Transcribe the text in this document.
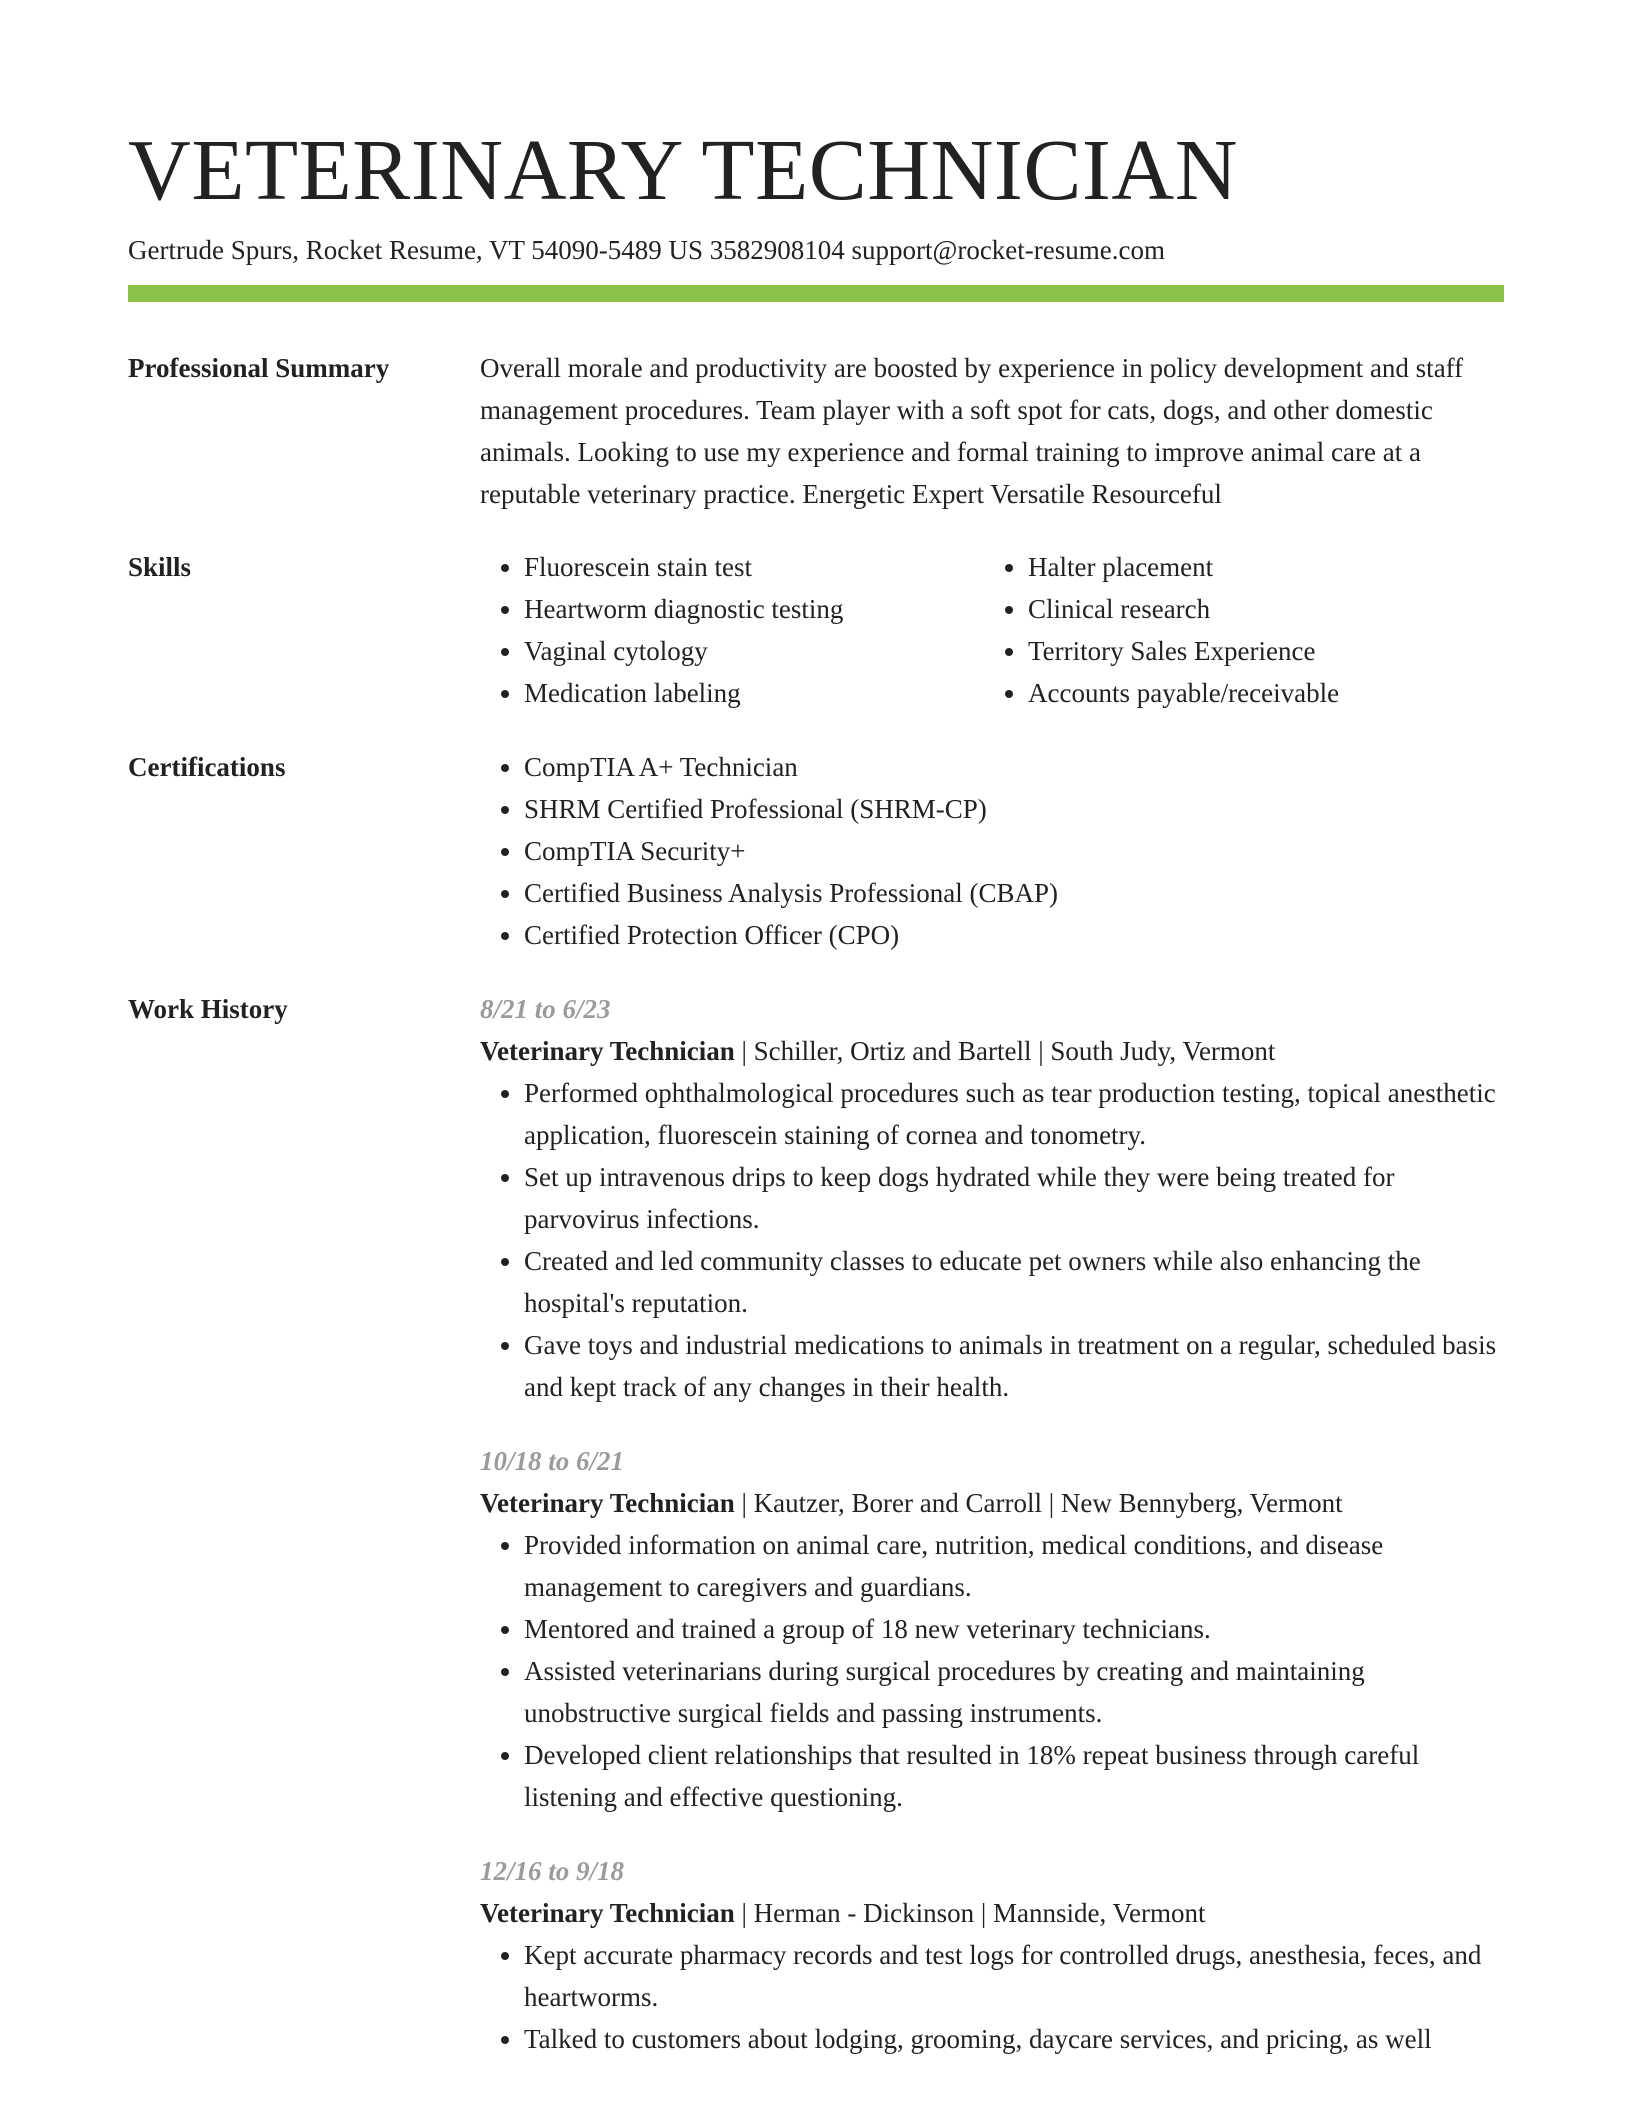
VETERINARY TECHNICIAN
Gertrude Spurs, Rocket Resume, VT 54090-5489 US 3582908104 support@rocket-resume.com
Professional Summary	Overall morale and productivity are boosted by experience in policy development and staff management procedures. Team player with a soft spot for cats, dogs, and other domestic animals. Looking to use my experience and formal training to improve animal care at a reputable veterinary practice. Energetic Expert Versatile Resourceful

Skills	• Fluorescein stain test
• Heartworm diagnostic testing
• Vaginal cytology
• Medication labeling
• Halter placement
• Clinical research
• Territory Sales Experience
• Accounts payable/receivable
Certifications	• CompTIA A+ Technician
• SHRM Certified Professional (SHRM-CP)
• CompTIA Security+
• Certified Business Analysis Professional (CBAP)
• Certified Protection Officer (CPO)
Work History	8/21 to 6/23
Veterinary Technician | Schiller, Ortiz and Bartell | South Judy, Vermont
• Performed ophthalmological procedures such as tear production testing, topical anesthetic application, fluorescein staining of cornea and tonometry.
• Set up intravenous drips to keep dogs hydrated while they were being treated for parvovirus infections.
• Created and led community classes to educate pet owners while also enhancing the hospital's reputation.
• Gave toys and industrial medications to animals in treatment on a regular, scheduled basis and kept track of any changes in their health.
10/18 to 6/21
Veterinary Technician | Kautzer, Borer and Carroll | New Bennyberg, Vermont
• Provided information on animal care, nutrition, medical conditions, and disease management to caregivers and guardians.
• Mentored and trained a group of 18 new veterinary technicians.
• Assisted veterinarians during surgical procedures by creating and maintaining unobstructive surgical fields and passing instruments.
• Developed client relationships that resulted in 18% repeat business through careful listening and effective questioning.
12/16 to 9/18
Veterinary Technician | Herman - Dickinson | Mannside, Vermont
• Kept accurate pharmacy records and test logs for controlled drugs, anesthesia, feces, and heartworms.
• Talked to customers about lodging, grooming, daycare services, and pricing, as well
